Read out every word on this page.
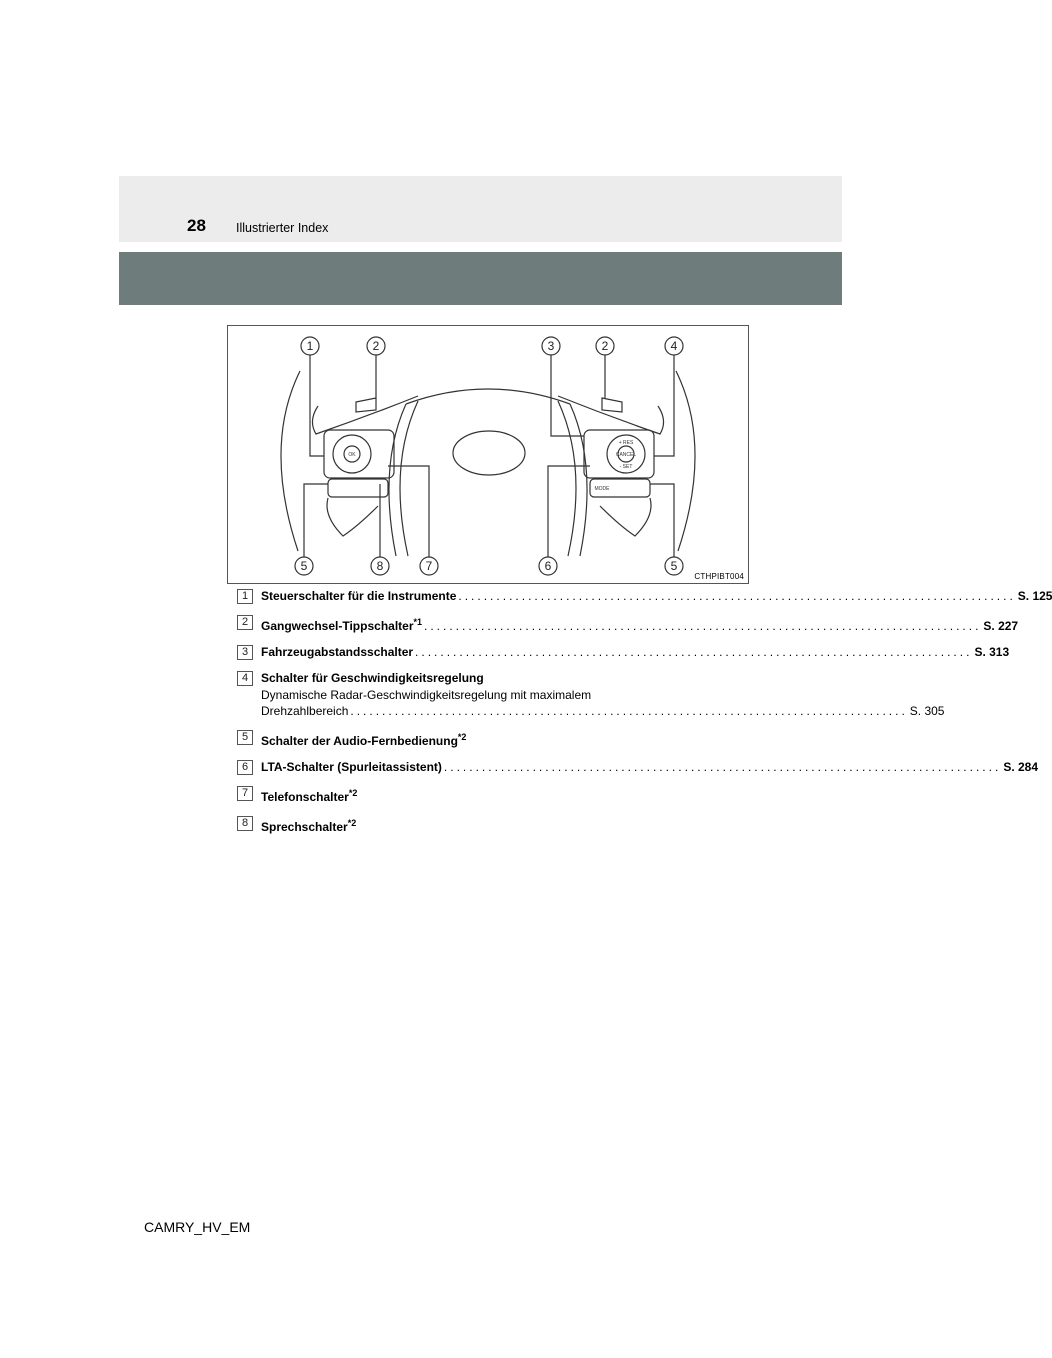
28 Illustrierter Index
1	2	3	2	4
5	8	7	6	5
OK
+ RES
CANCEL
- SET
MODE
CTHPIBT004
1	Steuerschalter für die Instrumente ........................................................................................ S. 125
2	Gangwechsel-Tippschalter$^{*1}$ ........................................................................................ S. 227
3	Fahrzeugabstandsschalter ........................................................................................ S. 313
4	Schalter für Geschwindigkeitsregelung
Dynamische Radar-Geschwindigkeitsregelung mit maximalem
Drehzahlbereich ........................................................................................ S. 305
5	Schalter der Audio-Fernbedienung$^{*2}$
6	LTA-Schalter (Spurleitassistent) ........................................................................................ S. 284
7	Telefonschalter$^{*2}$
8	Sprechschalter$^{*2}$
CAMRY_HV_EM
